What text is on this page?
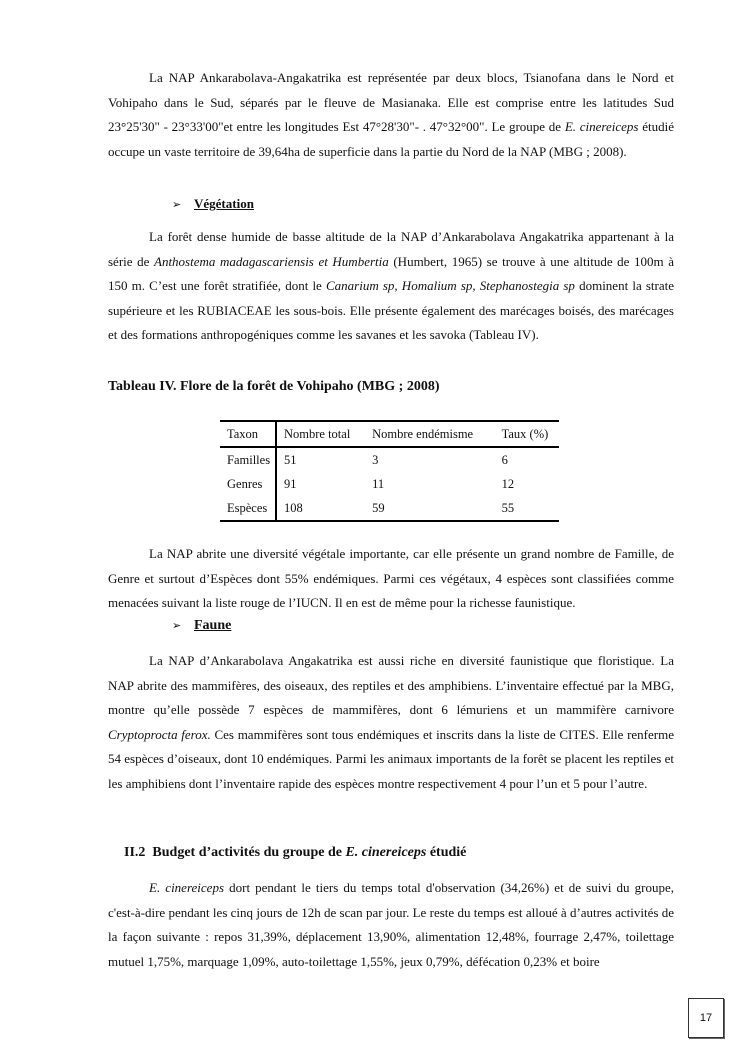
La NAP Ankarabolava-Angakatrika est représentée par deux blocs, Tsianofana dans le Nord et Vohipaho dans le Sud, séparés par le fleuve de Masianaka. Elle est comprise entre les latitudes Sud 23°25'30" - 23°33'00"et entre les longitudes Est 47°28'30"- . 47°32°00". Le groupe de E. cinereiceps étudié occupe un vaste territoire de 39,64ha de superficie dans la partie du Nord de la NAP (MBG ; 2008).
➢ Végétation
La forêt dense humide de basse altitude de la NAP d’Ankarabolava Angakatrika appartenant à la série de Anthostema madagascariensis et Humbertia (Humbert, 1965) se trouve à une altitude de 100m à 150 m. C’est une forêt stratifiée, dont le Canarium sp, Homalium sp, Stephanostegia sp dominent la strate supérieure et les RUBIACEAE les sous-bois. Elle présente également des marécages boisés, des marécages et des formations anthropogéniques comme les savanes et les savoka (Tableau IV).
Tableau IV. Flore de la forêt de Vohipaho (MBG ; 2008)
Taxon	Nombre total	Nombre endémisme	Taux (%)
Familles	51	3	6
Genres	91	11	12
Espèces	108	59	55
La NAP abrite une diversité végétale importante, car elle présente un grand nombre de Famille, de Genre et surtout d’Espèces dont 55% endémiques. Parmi ces végétaux, 4 espèces sont classifiées comme menacées suivant la liste rouge de l’IUCN. Il en est de même pour la richesse faunistique.
➢ Faune
La NAP d’Ankarabolava Angakatrika est aussi riche en diversité faunistique que floristique. La NAP abrite des mammifères, des oiseaux, des reptiles et des amphibiens. L’inventaire effectué par la MBG, montre qu’elle possède 7 espèces de mammifères, dont 6 lémuriens et un mammifère carnivore Cryptoprocta ferox. Ces mammifères sont tous endémiques et inscrits dans la liste de CITES. Elle renferme 54 espèces d’oiseaux, dont 10 endémiques. Parmi les animaux importants de la forêt se placent les reptiles et les amphibiens dont l’inventaire rapide des espèces montre respectivement 4 pour l’un et 5 pour l’autre.
II.2 Budget d’activités du groupe de E. cinereiceps étudié
E. cinereiceps dort pendant le tiers du temps total d'observation (34,26%) et de suivi du groupe, c'est-à-dire pendant les cinq jours de 12h de scan par jour. Le reste du temps est alloué à d’autres activités de la façon suivante : repos 31,39%, déplacement 13,90%, alimentation 12,48%, fourrage 2,47%, toilettage mutuel 1,75%, marquage 1,09%, auto-toilettage 1,55%, jeux 0,79%, défécation 0,23% et boire
17
